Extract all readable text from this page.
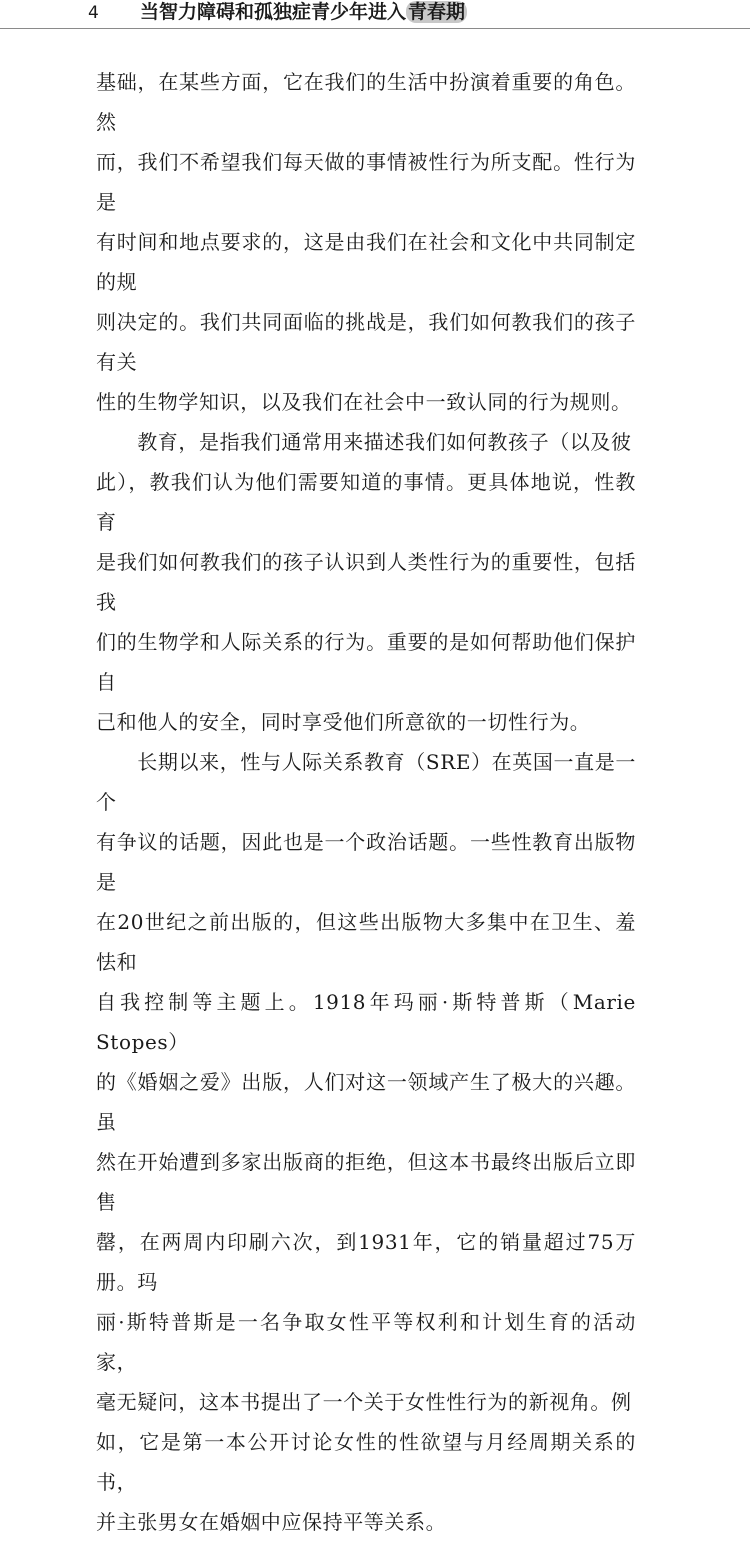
4 当智力障碍和孤独症青少年进入 青春期

基础，在某些方面，它在我们的生活中扮演着重要的角色。然
而，我们不希望我们每天做的事情被性行为所支配。性行为是
有时间和地点要求的，这是由我们在社会和文化中共同制定的规
则决定的。我们共同面临的挑战是，我们如何教我们的孩子有关
性的生物学知识，以及我们在社会中一致认同的行为规则。

　　教育，是指我们通常用来描述我们如何教孩子（以及彼
此），教我们认为他们需要知道的事情。更具体地说，性教育
是我们如何教我们的孩子认识到人类性行为的重要性，包括我
们的生物学和人际关系的行为。重要的是如何帮助他们保护自
己和他人的安全，同时享受他们所意欲的一切性行为。

　　长期以来，性与人际关系教育（SRE）在英国一直是一个
有争议的话题，因此也是一个政治话题。一些性教育出版物是
在20世纪之前出版的，但这些出版物大多集中在卫生、羞怯和
自我控制等主题上。1918年玛丽·斯特普斯（Marie Stopes）
的《婚姻之爱》出版，人们对这一领域产生了极大的兴趣。虽
然在开始遭到多家出版商的拒绝，但这本书最终出版后立即售
罄，在两周内印刷六次，到1931年，它的销量超过75万册。玛
丽·斯特普斯是一名争取女性平等权利和计划生育的活动家，
毫无疑问，这本书提出了一个关于女性性行为的新视角。例
如，它是第一本公开讨论女性的性欲望与月经周期关系的书，
并主张男女在婚姻中应保持平等关系。
